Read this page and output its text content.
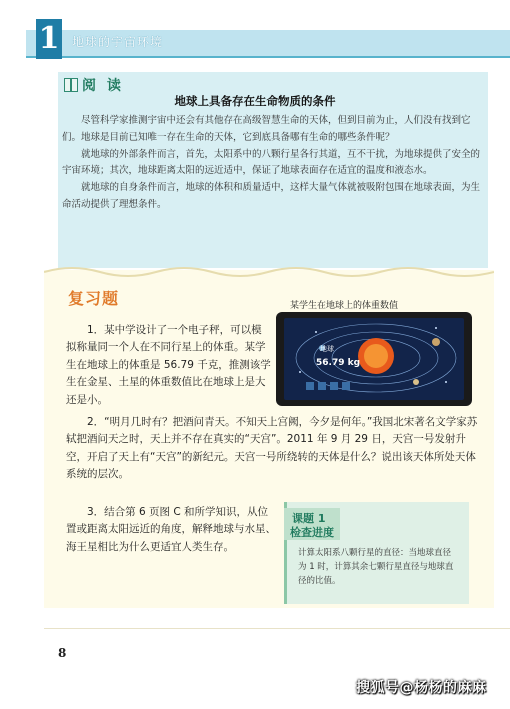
1 地球的宇宙环境
阅 读
地球上具备存在生命物质的条件

尽管科学家推测宇宙中还会有其他存在高级智慧生命的天体，但到目前为止，人们没有找到它们。地球是目前已知唯一存在生命的天体，它到底具备哪有生命的哪些条件呢？

就地球的外部条件而言，首先，太阳系中的八颗行星各行其道，互不干扰，为地球提供了安全的宇宙环境；其次，地球距离太阳的远近适中，保证了地球表面存在适宜的温度和液态水。

就地球的自身条件而言，地球的体积和质量适中，这样大量气体就被吸附包围在地球表面，为生命活动提供了理想条件。

复习题	某学生在地球上的体重数值
地球
56.79 kg

1．某中学设计了一个电子秤，可以模拟称量同一个人在不同行星上的体重。某学生在地球上的体重是 56.79 千克，推测该学生在金星、土星的体重数值比在地球上是大还是小。

2．“明月几时有？把酒问青天。不知天上宫阙，今夕是何年。”我国北宋著名文学家苏轼把酒问天之时，天上并不存在真实的“天宫”。2011 年 9 月 29 日，天宫一号发射升空，开启了天上有“天宫”的新纪元。天宫一号所绕转的天体是什么？说出该天体所处天体系统的层次。

3．结合第 6 页图 C 和所学知识，从位置或距离太阳远近的角度，解释地球与水星、海王星相比为什么更适宜人类生存。

课题 1
检查进度
计算太阳系八颗行星的直径：当地球直径为 1 时，计算其余七颗行星直径与地球直径的比值。
8
搜狐号@杨杨的麻麻
